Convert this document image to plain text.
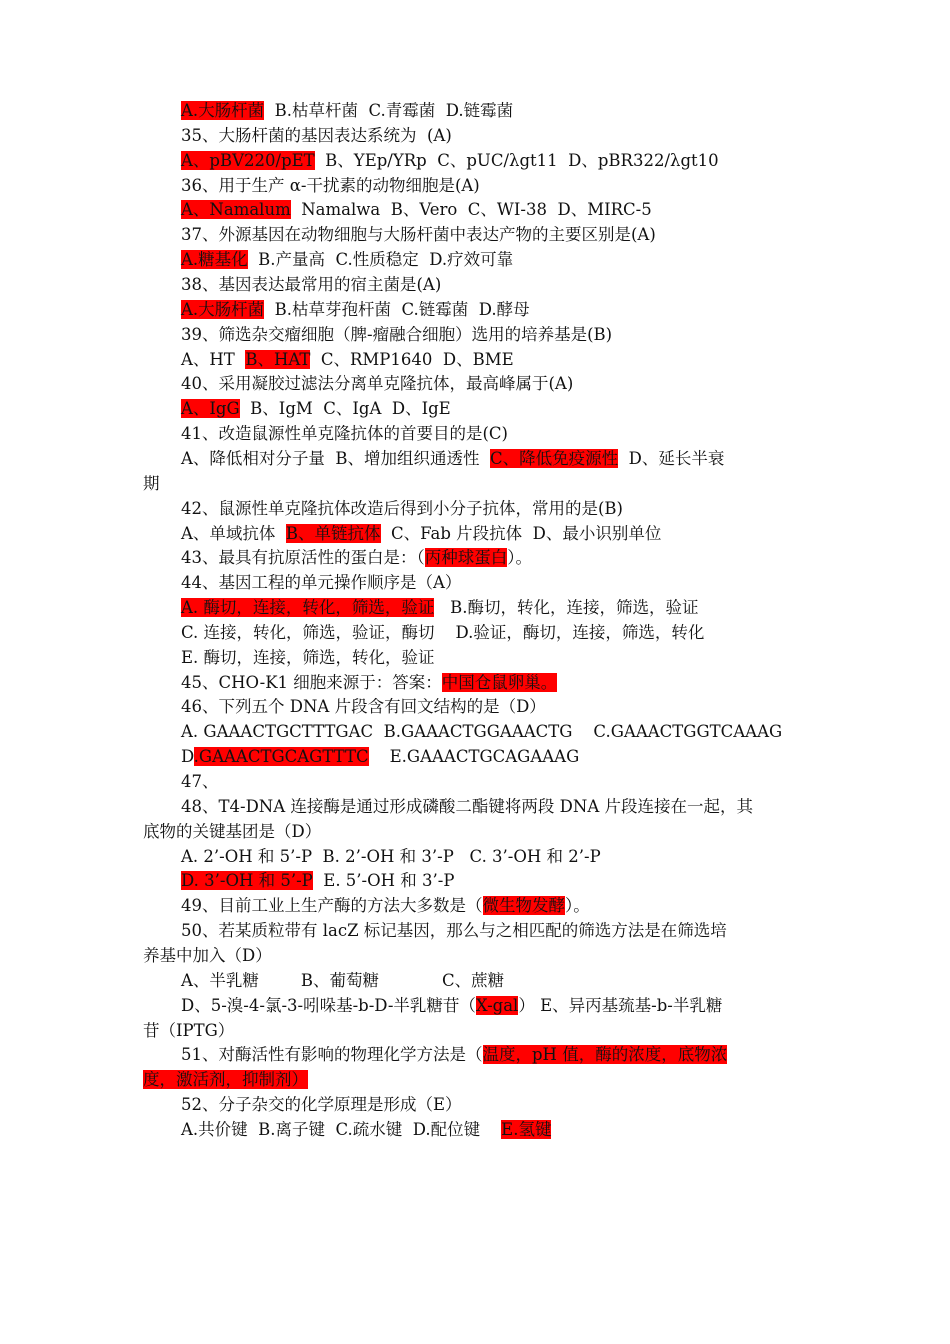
A.大肠杆菌  B.枯草杆菌  C.青霉菌  D.链霉菌
35、大肠杆菌的基因表达系统为  (A)
A、pBV220/pET  B、YEp/YRp  C、pUC/λgt11  D、pBR322/λgt10
36、用于生产 α-干扰素的动物细胞是(A)
A、Namalum  Namalwa  B、Vero  C、WI-38  D、MIRC-5
37、外源基因在动物细胞与大肠杆菌中表达产物的主要区别是(A)
A.糖基化  B.产量高  C.性质稳定  D.疗效可靠
38、基因表达最常用的宿主菌是(A)
A.大肠杆菌  B.枯草芽孢杆菌  C.链霉菌  D.酵母
39、筛选杂交瘤细胞（脾-瘤融合细胞）选用的培养基是(B)
A、HT  B、HAT  C、RMP1640  D、BME
40、采用凝胶过滤法分离单克隆抗体，最高峰属于(A)
A、IgG  B、IgM  C、IgA  D、IgE
41、改造鼠源性单克隆抗体的首要目的是(C)
A、降低相对分子量  B、增加组织通透性  C、降低免疫源性  D、延长半衰
期
42、鼠源性单克隆抗体改造后得到小分子抗体，常用的是(B)
A、单域抗体  B、单链抗体  C、Fab 片段抗体  D、最小识别单位
43、最具有抗原活性的蛋白是：（丙种球蛋白）。
44、基因工程的单元操作顺序是（A）
A. 酶切，连接，转化，筛选，验证   B.酶切，转化，连接，筛选，验证
C. 连接，转化，筛选，验证，酶切    D.验证，酶切，连接，筛选，转化
E. 酶切，连接，筛选，转化，验证
45、CHO-K1 细胞来源于：答案：中国仓鼠卵巢。
46、下列五个 DNA 片段含有回文结构的是（D）
A. GAAACTGCTTTGAC  B.GAAACTGGAAACTG    C.GAAACTGGTCAAAG
D.GAAACTGCAGTTTC    E.GAAACTGCAGAAAG
47、
48、T4-DNA 连接酶是通过形成磷酸二酯键将两段 DNA 片段连接在一起，其
底物的关键基团是（D）
A. 2’-OH 和 5’-P  B. 2’-OH 和 3’-P   C. 3’-OH 和 2’-P
D. 3’-OH 和 5’-P  E. 5’-OH 和 3’-P
49、目前工业上生产酶的方法大多数是（微生物发酵）。
50、若某质粒带有 lacZ 标记基因，那么与之相匹配的筛选方法是在筛选培
养基中加入（D）
A、半乳糖        B、葡萄糖            C、蔗糖
D、5-溴-4-氯-3-吲哚基-b-D-半乳糖苷（X-gal） E、异丙基巯基-b-半乳糖
苷（IPTG）
51、对酶活性有影响的物理化学方法是（温度，pH 值，酶的浓度，底物浓
度，激活剂，抑制剂）
52、分子杂交的化学原理是形成（E）
A.共价键  B.离子键  C.疏水键  D.配位键    E.氢键
